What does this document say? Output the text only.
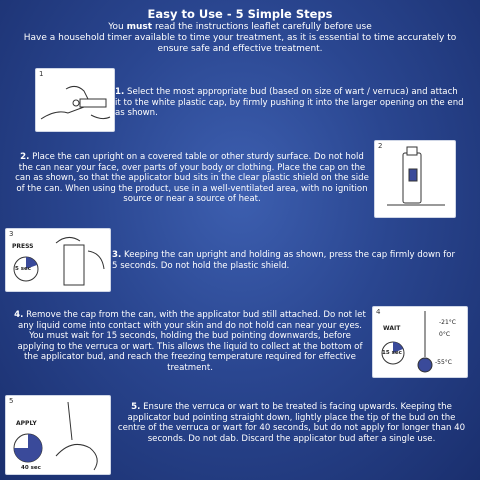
Easy to Use - 5 Simple Steps
You must read the instructions leaflet carefully before use
Have a household timer available to time your treatment, as it is essential to time accurately to ensure safe and effective treatment.
1
1. Select the most appropriate bud (based on size of wart / verruca) and attach it to the white plastic cap, by firmly pushing it into the larger opening on the end as shown.
2. Place the can upright on a covered table or other sturdy surface. Do not hold the can near your face, over parts of your body or clothing. Place the cap on the can as shown, so that the applicator bud sits in the clear plastic shield on the side of the can. When using the product, use in a well-ventilated area, with no ignition source or near a source of heat.
2
3
PRESS
5 sec
3. Keeping the can upright and holding as shown, press the cap firmly down for 5 seconds. Do not hold the plastic shield.
4. Remove the cap from the can, with the applicator bud still attached. Do not let any liquid come into contact with your skin and do not hold can near your eyes. You must wait for 15 seconds, holding the bud pointing downwards, before applying to the verruca or wart. This allows the liquid to collect at the bottom of the applicator bud, and reach the freezing temperature required for effective treatment.
4
WAIT
15 sec
-21°C
0°C
-55°C
5
APPLY
40 sec
5. Ensure the verruca or wart to be treated is facing upwards. Keeping the applicator bud pointing straight down, lightly place the tip of the bud on the centre of the verruca or wart for 40 seconds, but do not apply for longer than 40 seconds. Do not dab. Discard the applicator bud after a single use.
